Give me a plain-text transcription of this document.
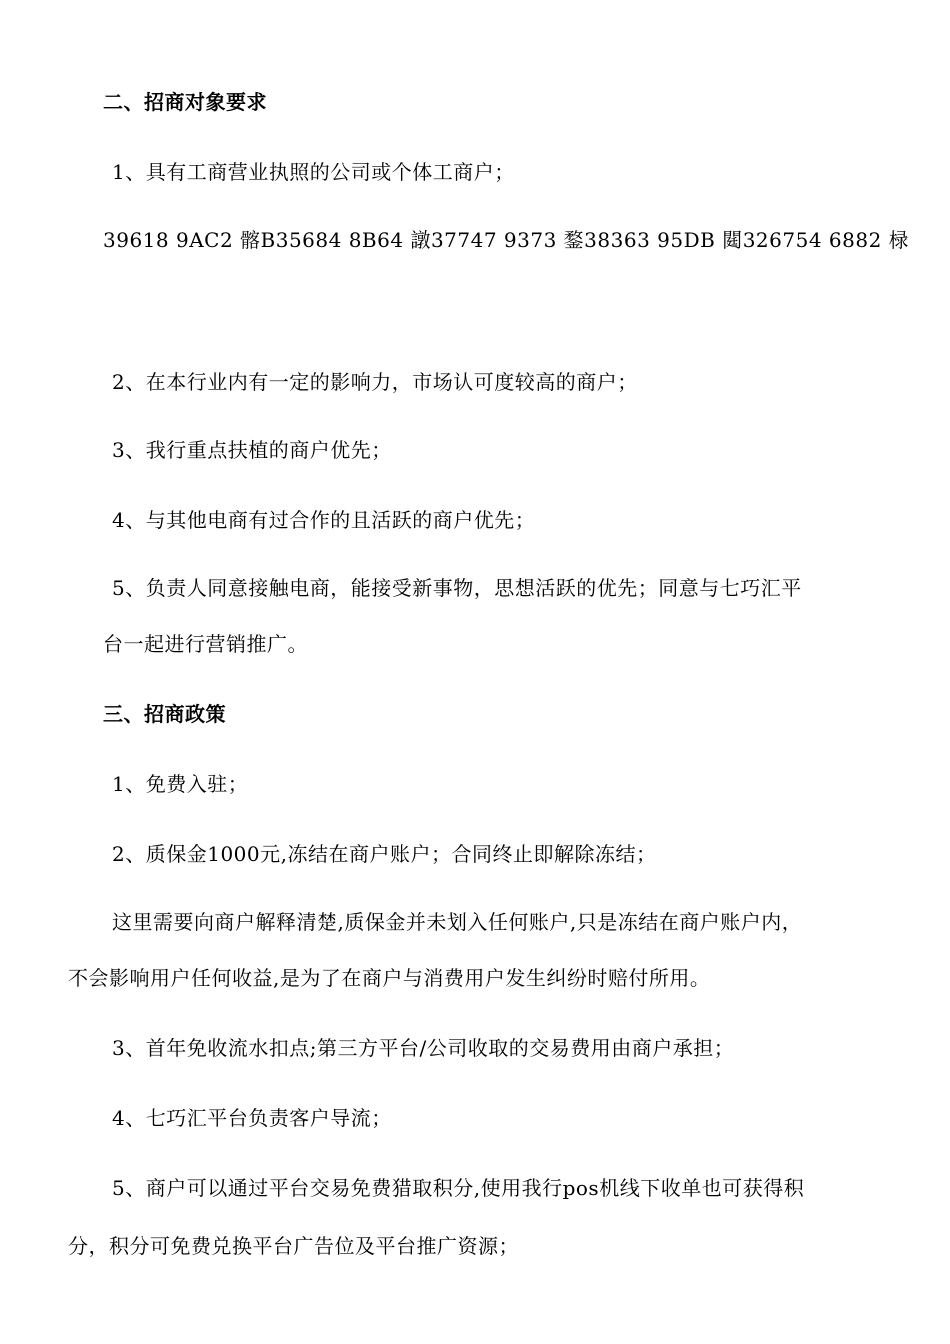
二、招商对象要求
1、具有工商营业执照的公司或个体工商户；
39618 9AC2 髂B35684 8B64 譈37747 9373 鍪38363 95DB 閮326754 6882 椂
2、在本行业内有一定的影响力，市场认可度较高的商户；
3、我行重点扶植的商户优先；
4、与其他电商有过合作的且活跃的商户优先；
5、负责人同意接触电商，能接受新事物，思想活跃的优先；同意与七巧汇平
台一起进行营销推广。
三、招商政策
1、免费入驻；
2、质保金1000元,冻结在商户账户；合同终止即解除冻结；
这里需要向商户解释清楚,质保金并未划入任何账户,只是冻结在商户账户内，
不会影响用户任何收益,是为了在商户与消费用户发生纠纷时赔付所用。
3、首年免收流水扣点;第三方平台/公司收取的交易费用由商户承担；
4、七巧汇平台负责客户导流；
5、商户可以通过平台交易免费猎取积分,使用我行pos机线下收单也可获得积
分，积分可免费兑换平台广告位及平台推广资源；
